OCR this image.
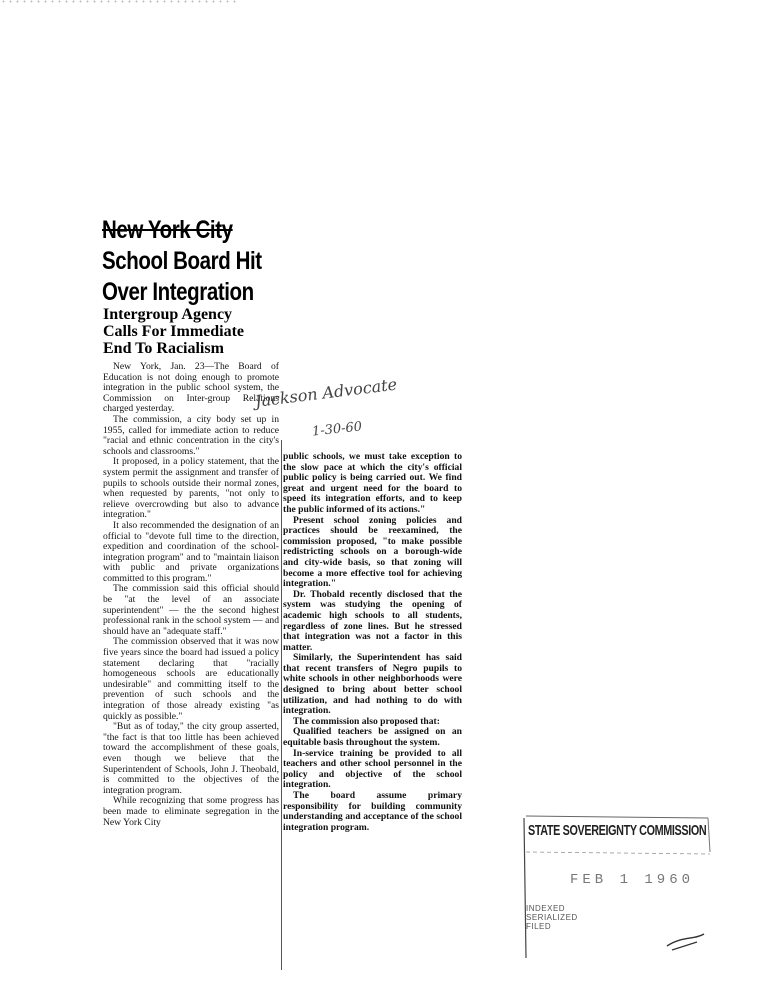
New York City
School Board Hit
Over Integration
Intergroup Agency
Calls For Immediate
End To Racialism

New York, Jan. 23—The Board of Education is not doing enough to promote integration in the public school system, the Commission on Inter-group Relations charged yesterday.

The commission, a city body set up in 1955, called for immediate action to reduce "racial and ethnic concentration in the city's schools and classrooms."

It proposed, in a policy statement, that the system permit the assignment and transfer of pupils to schools outside their normal zones, when requested by parents, "not only to relieve overcrowding but also to advance integration."

It also recommended the designation of an official to "devote full time to the direction, expedition and coordination of the school-integration program" and to "maintain liaison with public and private organizations committed to this program."

The commission said this official should be "at the level of an associate superintendent" — the the second highest professional rank in the school system — and should have an "adequate staff."

The commission observed that it was now five years since the board had issued a policy statement declaring that "racially homogeneous schools are educationally undesirable" and committing itself to the prevention of such schools and the integration of those already existing "as quickly as possible."

"But as of today," the city group asserted, "the fact is that too little has been achieved toward the accomplishment of these goals, even though we believe that the Superintendent of Schools, John J. Theobald, is committed to the objectives of the integration program.

While recognizing that some progress has been made to eliminate segregation in the New York City

public schools, we must take exception to the slow pace at which the city's official public policy is being carried out. We find great and urgent need for the board to speed its integration efforts, and to keep the public informed of its actions."

Present school zoning policies and practices should be reexamined, the commission proposed, "to make possible redistricting schools on a borough-wide and city-wide basis, so that zoning will become a more effective tool for achieving integration."

Dr. Thobald recently disclosed that the system was studying the opening of academic high schools to all students, regardless of zone lines. But he stressed that integration was not a factor in this matter.

Similarly, the Superintendent has said that recent transfers of Negro pupils to white schools in other neighborhoods were designed to bring about better school utilization, and had nothing to do with integration.

The commission also proposed that:

Qualified teachers be assigned on an equitable basis throughout the system.

In-service training be provided to all teachers and other school personnel in the policy and objective of the school integration.

The board assume primary responsibility for building community understanding and acceptance of the school integration program.

Jackson Advocate
1-30-60
STATE SOVEREIGNTY COMMISSION
FEB 1 1960
INDEXED
SERIALIZED
FILED
